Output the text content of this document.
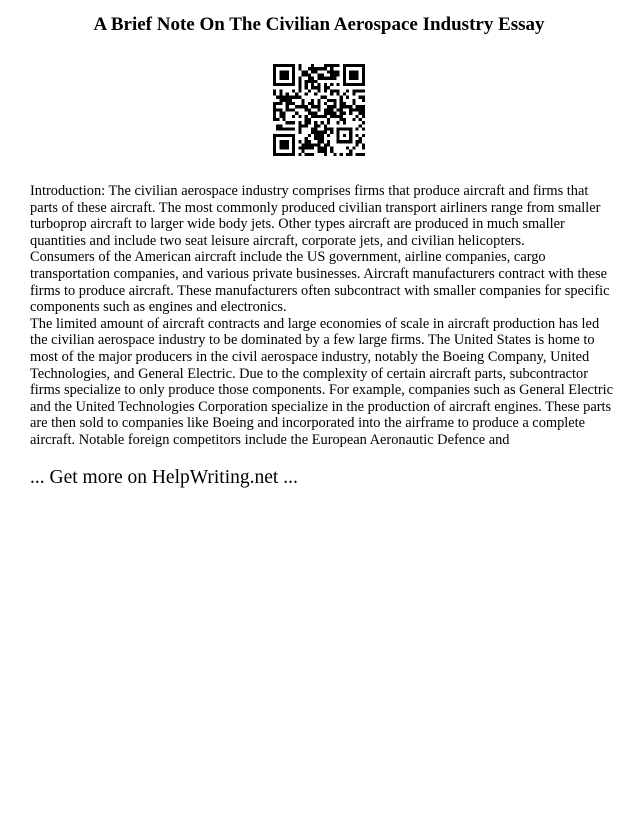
A Brief Note On The Civilian Aerospace Industry Essay

Introduction: The civilian aerospace industry comprises firms that produce aircraft and firms that parts of these aircraft. The most commonly produced civilian transport airliners range from smaller turboprop aircraft to larger wide body jets. Other types aircraft are produced in much smaller quantities and include two seat leisure aircraft, corporate jets, and civilian helicopters.

Consumers of the American aircraft include the US government, airline companies, cargo transportation companies, and various private businesses. Aircraft manufacturers contract with these firms to produce aircraft. These manufacturers often subcontract with smaller companies for specific components such as engines and electronics.

The limited amount of aircraft contracts and large economies of scale in aircraft production has led the civilian aerospace industry to be dominated by a few large firms. The United States is home to most of the major producers in the civil aerospace industry, notably the Boeing Company, United Technologies, and General Electric. Due to the complexity of certain aircraft parts, subcontractor firms specialize to only produce those components. For example, companies such as General Electric and the United Technologies Corporation specialize in the production of aircraft engines. These parts are then sold to companies like Boeing and incorporated into the airframe to produce a complete aircraft. Notable foreign competitors include the European Aeronautic Defence and

... Get more on HelpWriting.net ...
